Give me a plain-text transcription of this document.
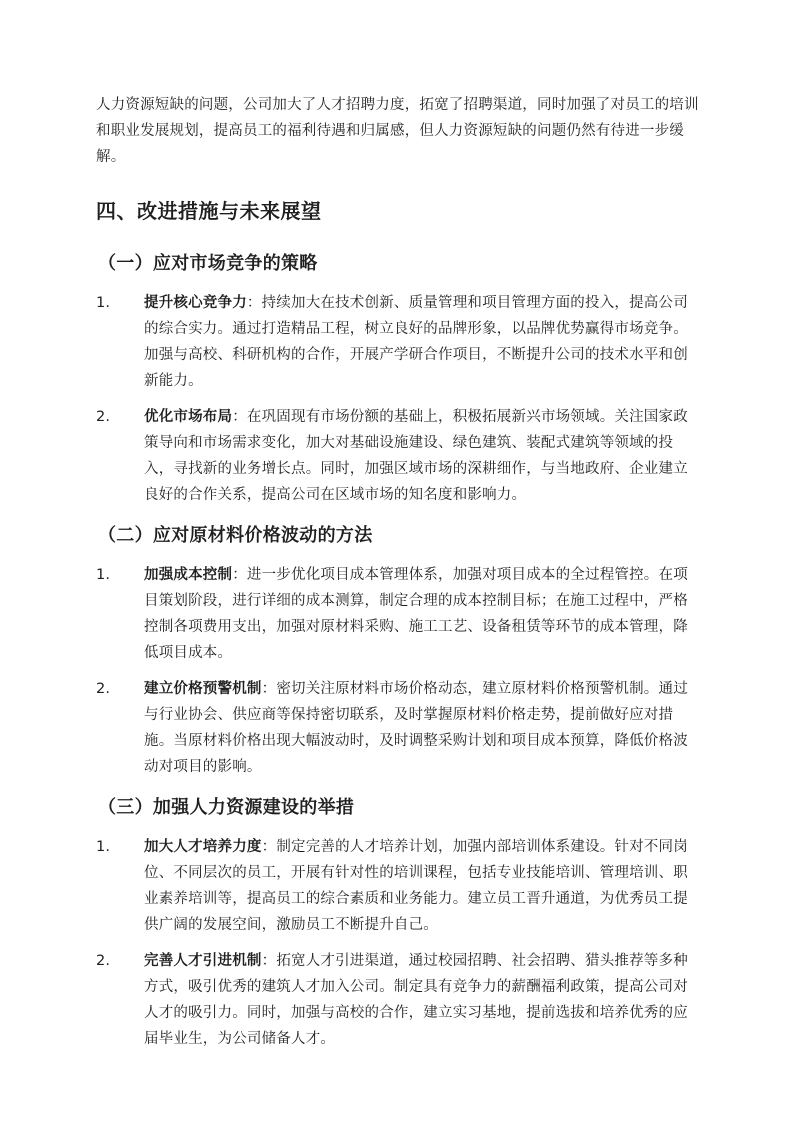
人力资源短缺的问题，公司加大了人才招聘力度，拓宽了招聘渠道，同时加强了对员工的培训和职业发展规划，提高员工的福利待遇和归属感，但人力资源短缺的问题仍然有待进一步缓解。

四、改进措施与未来展望
（一）应对市场竞争的策略
1.	提升核心竞争力：持续加大在技术创新、质量管理和项目管理方面的投入，提高公司的综合实力。通过打造精品工程，树立良好的品牌形象，以品牌优势赢得市场竞争。加强与高校、科研机构的合作，开展产学研合作项目，不断提升公司的技术水平和创新能力。
2.	优化市场布局：在巩固现有市场份额的基础上，积极拓展新兴市场领域。关注国家政策导向和市场需求变化，加大对基础设施建设、绿色建筑、装配式建筑等领域的投入，寻找新的业务增长点。同时，加强区域市场的深耕细作，与当地政府、企业建立良好的合作关系，提高公司在区域市场的知名度和影响力。
（二）应对原材料价格波动的方法
1.	加强成本控制：进一步优化项目成本管理体系，加强对项目成本的全过程管控。在项目策划阶段，进行详细的成本测算，制定合理的成本控制目标；在施工过程中，严格控制各项费用支出，加强对原材料采购、施工工艺、设备租赁等环节的成本管理，降低项目成本。
2.	建立价格预警机制：密切关注原材料市场价格动态，建立原材料价格预警机制。通过与行业协会、供应商等保持密切联系，及时掌握原材料价格走势，提前做好应对措施。当原材料价格出现大幅波动时，及时调整采购计划和项目成本预算，降低价格波动对项目的影响。
（三）加强人力资源建设的举措
1.	加大人才培养力度：制定完善的人才培养计划，加强内部培训体系建设。针对不同岗位、不同层次的员工，开展有针对性的培训课程，包括专业技能培训、管理培训、职业素养培训等，提高员工的综合素质和业务能力。建立员工晋升通道，为优秀员工提供广阔的发展空间，激励员工不断提升自己。
2.	完善人才引进机制：拓宽人才引进渠道，通过校园招聘、社会招聘、猎头推荐等多种方式，吸引优秀的建筑人才加入公司。制定具有竞争力的薪酬福利政策，提高公司对人才的吸引力。同时，加强与高校的合作，建立实习基地，提前选拔和培养优秀的应届毕业生，为公司储备人才。
